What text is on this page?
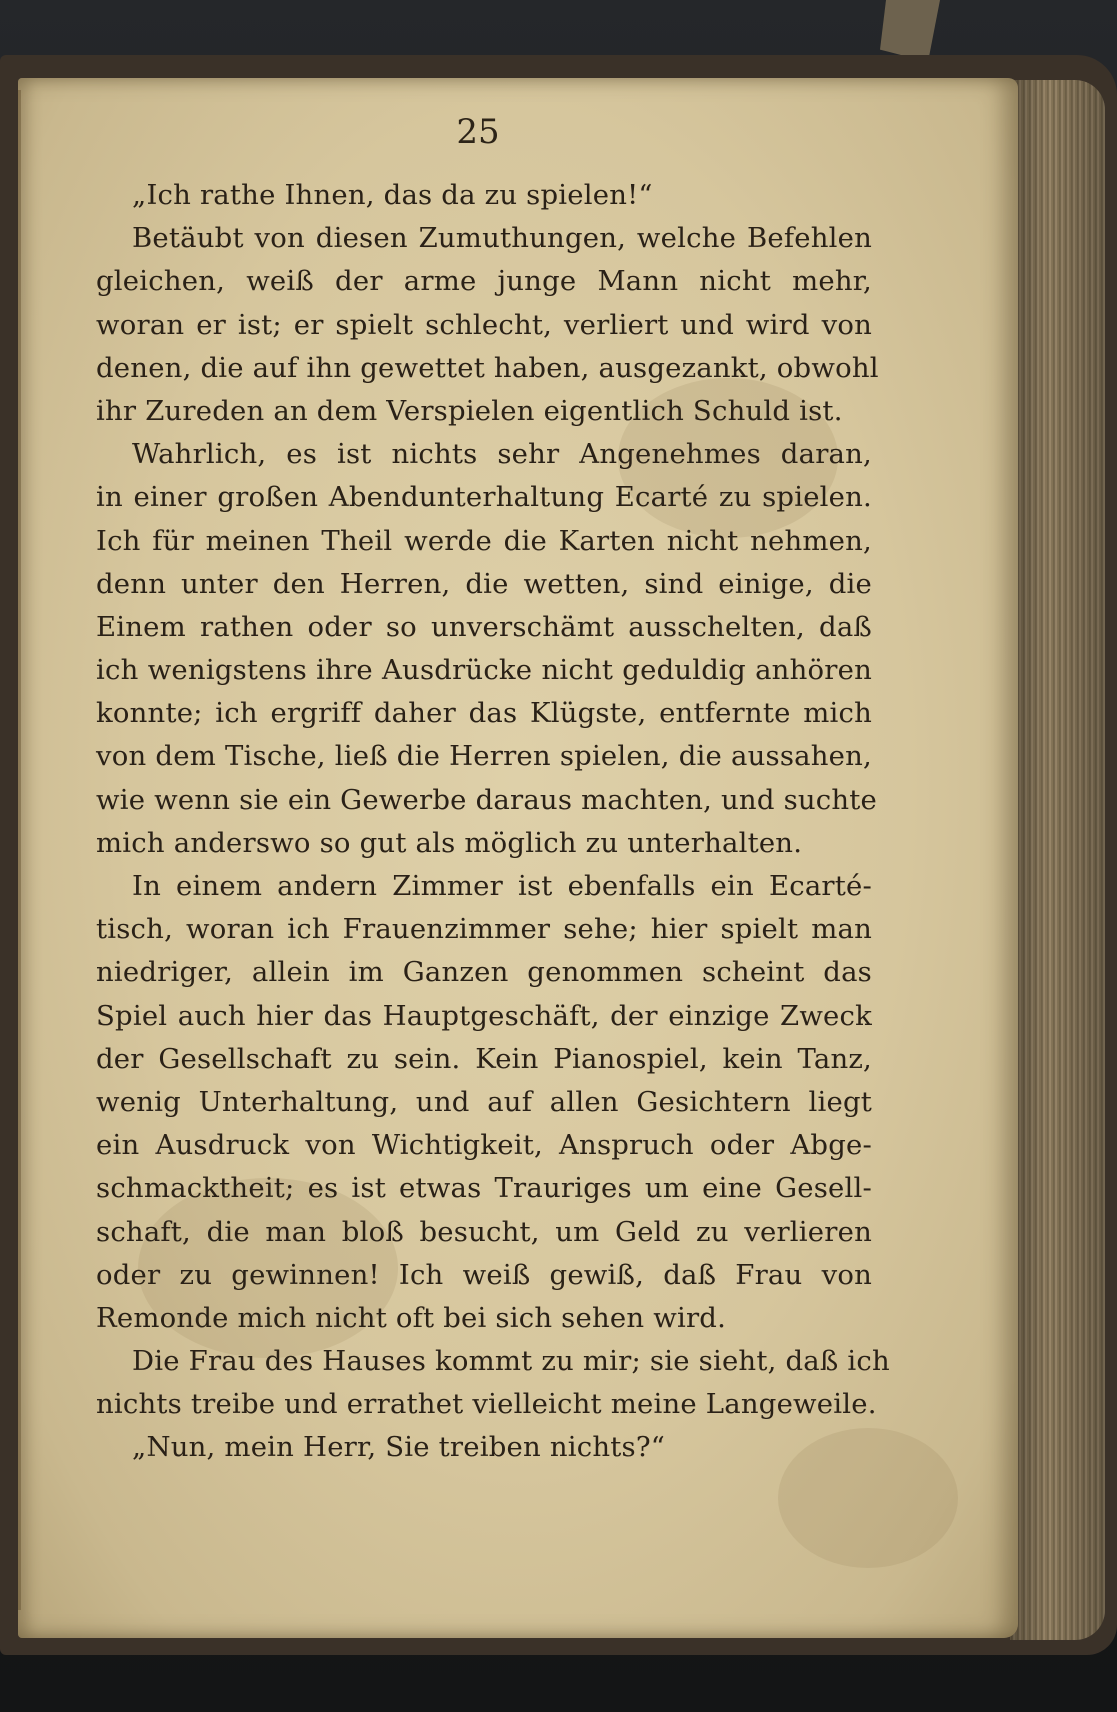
25
„Ich rathe Ihnen, das da zu spielen!“
Betäubt von diesen Zumuthungen, welche Befehlen
gleichen, weiß der arme junge Mann nicht mehr,
woran er ist; er spielt schlecht, verliert und wird von
denen, die auf ihn gewettet haben, ausgezankt, obwohl
ihr Zureden an dem Verspielen eigentlich Schuld ist.
Wahrlich, es ist nichts sehr Angenehmes daran,
in einer großen Abendunterhaltung Ecarté zu spielen.
Ich für meinen Theil werde die Karten nicht nehmen,
denn unter den Herren, die wetten, sind einige, die
Einem rathen oder so unverschämt ausschelten, daß
ich wenigstens ihre Ausdrücke nicht geduldig anhören
konnte; ich ergriff daher das Klügste, entfernte mich
von dem Tische, ließ die Herren spielen, die aussahen,
wie wenn sie ein Gewerbe daraus machten, und suchte
mich anderswo so gut als möglich zu unterhalten.
In einem andern Zimmer ist ebenfalls ein Ecarté-
tisch, woran ich Frauenzimmer sehe; hier spielt man
niedriger, allein im Ganzen genommen scheint das
Spiel auch hier das Hauptgeschäft, der einzige Zweck
der Gesellschaft zu sein. Kein Pianospiel, kein Tanz,
wenig Unterhaltung, und auf allen Gesichtern liegt
ein Ausdruck von Wichtigkeit, Anspruch oder Abge-
schmacktheit; es ist etwas Trauriges um eine Gesell-
schaft, die man bloß besucht, um Geld zu verlieren
oder zu gewinnen! Ich weiß gewiß, daß Frau von
Remonde mich nicht oft bei sich sehen wird.
Die Frau des Hauses kommt zu mir; sie sieht, daß ich
nichts treibe und errathet vielleicht meine Langeweile.
„Nun, mein Herr, Sie treiben nichts?“
